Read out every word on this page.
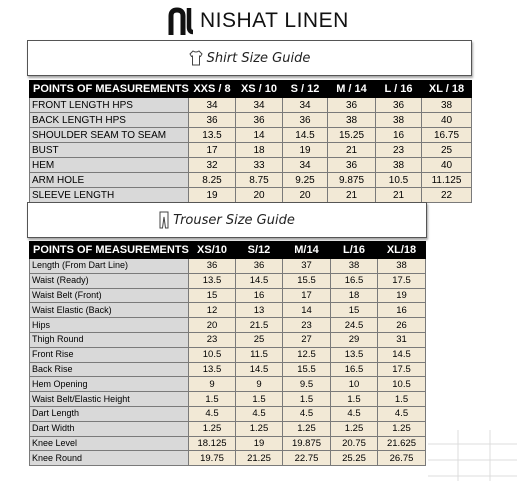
NISHAT LINEN
Shirt Size Guide
POINTS OF MEASUREMENTS	XXS / 8	XS / 10	S / 12	M / 14	L / 16	XL / 18
FRONT LENGTH HPS	34	34	34	36	36	38
BACK LENGTH HPS	36	36	36	38	38	40
SHOULDER SEAM TO SEAM	13.5	14	14.5	15.25	16	16.75
BUST	17	18	19	21	23	25
HEM	32	33	34	36	38	40
ARM HOLE	8.25	8.75	9.25	9.875	10.5	11.125
SLEEVE LENGTH	19	20	20	21	21	22
Trouser Size Guide
POINTS OF MEASUREMENTS	XS/10	S/12	M/14	L/16	XL/18
Length (From Dart Line)	36	36	37	38	38
Waist (Ready)	13.5	14.5	15.5	16.5	17.5
Waist Belt (Front)	15	16	17	18	19
Waist Elastic (Back)	12	13	14	15	16
Hips	20	21.5	23	24.5	26
Thigh Round	23	25	27	29	31
Front Rise	10.5	11.5	12.5	13.5	14.5
Back Rise	13.5	14.5	15.5	16.5	17.5
Hem Opening	9	9	9.5	10	10.5
Waist Belt/Elastic Height	1.5	1.5	1.5	1.5	1.5
Dart Length	4.5	4.5	4.5	4.5	4.5
Dart Width	1.25	1.25	1.25	1.25	1.25
Knee Level	18.125	19	19.875	20.75	21.625
Knee Round	19.75	21.25	22.75	25.25	26.75
